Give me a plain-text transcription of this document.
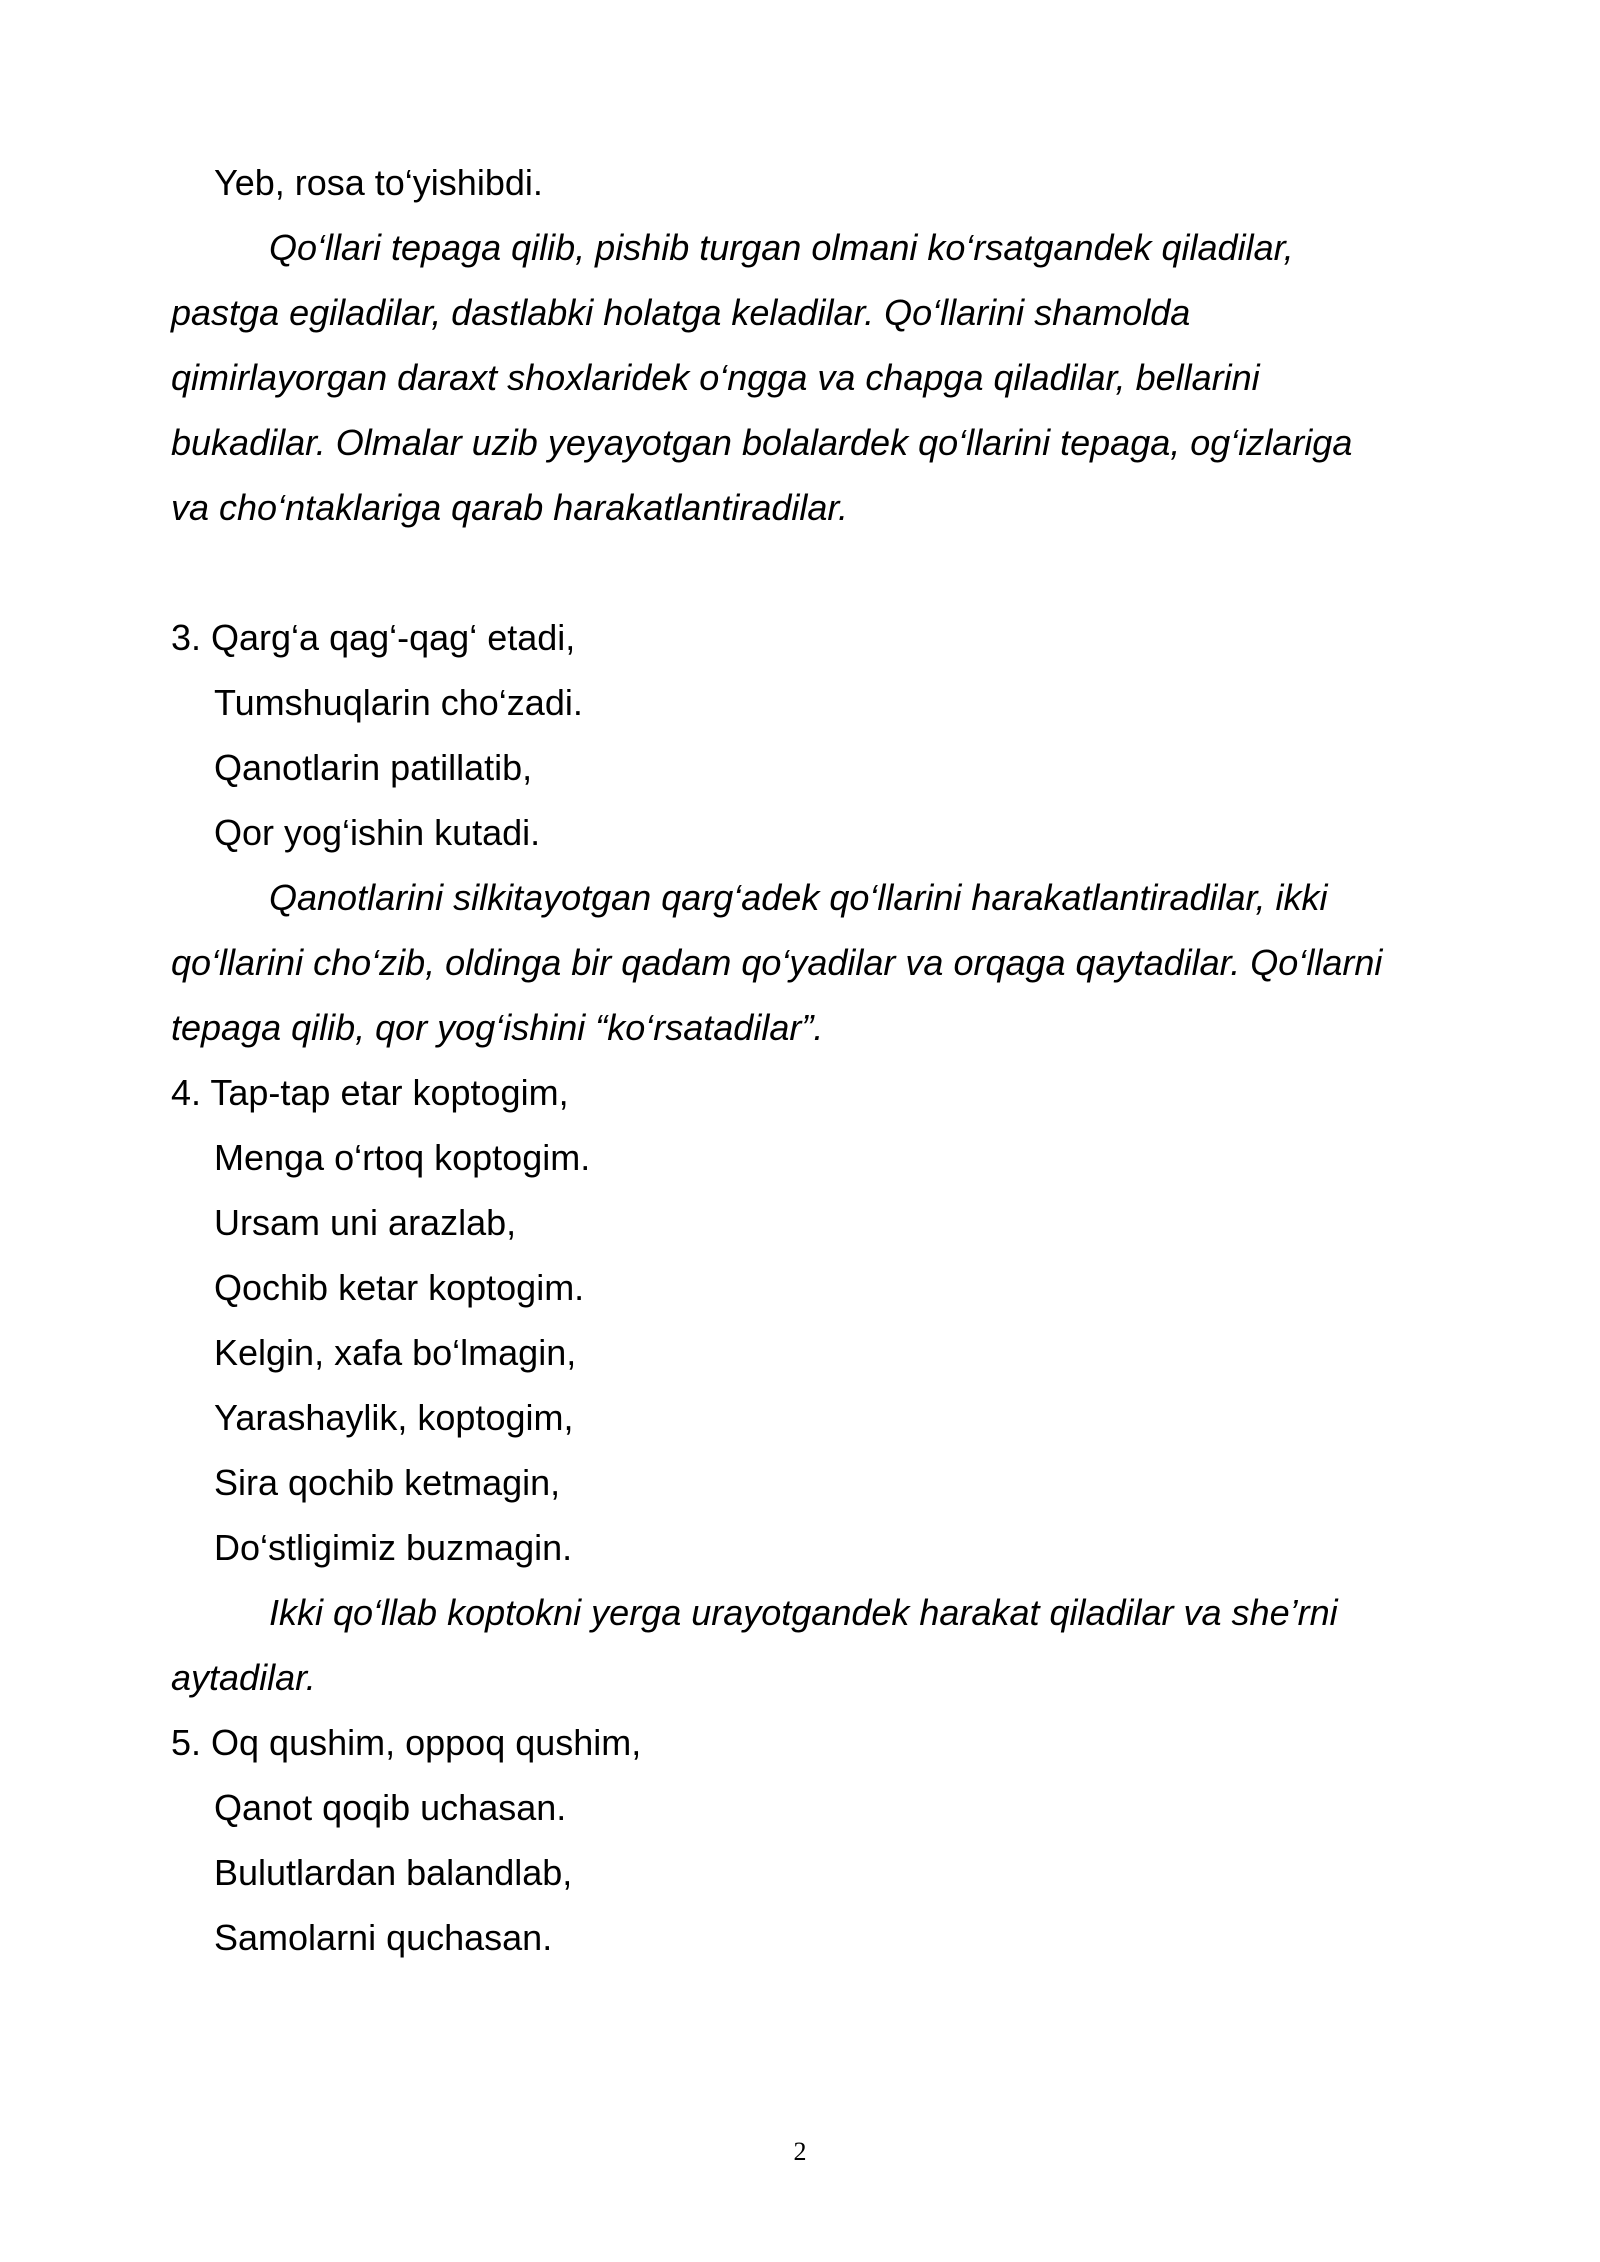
Yeb, rosa to‘yishibdi.
Qo‘llari tepaga qilib, pishib turgan olmani ko‘rsatgandek qiladilar,
pastga egiladilar, dastlabki holatga keladilar. Qo‘llarini shamolda
qimirlayorgan daraxt shoxlaridek o‘ngga va chapga qiladilar, bellarini
bukadilar. Olmalar uzib yeyayotgan bolalardek qo‘llarini tepaga, og‘izlariga
va cho‘ntaklariga qarab harakatlantiradilar.
3. Qarg‘a qag‘-qag‘ etadi,
Tumshuqlarin cho‘zadi.
Qanotlarin patillatib,
Qor yog‘ishin kutadi.
Qanotlarini silkitayotgan qarg‘adek qo‘llarini harakatlantiradilar, ikki
qo‘llarini cho‘zib, oldinga bir qadam qo‘yadilar va orqaga qaytadilar. Qo‘llarni
tepaga qilib, qor yog‘ishini “ko‘rsatadilar”.
4. Tap-tap etar koptogim,
Menga o‘rtoq koptogim.
Ursam uni arazlab,
Qochib ketar koptogim.
Kelgin, xafa bo‘lmagin,
Yarashaylik, koptogim,
Sira qochib ketmagin,
Do‘stligimiz buzmagin.
Ikki qo‘llab koptokni yerga urayotgandek harakat qiladilar va she’rni
aytadilar.
5. Oq qushim, oppoq qushim,
Qanot qoqib uchasan.
Bulutlardan balandlab,
Samolarni quchasan.
2
